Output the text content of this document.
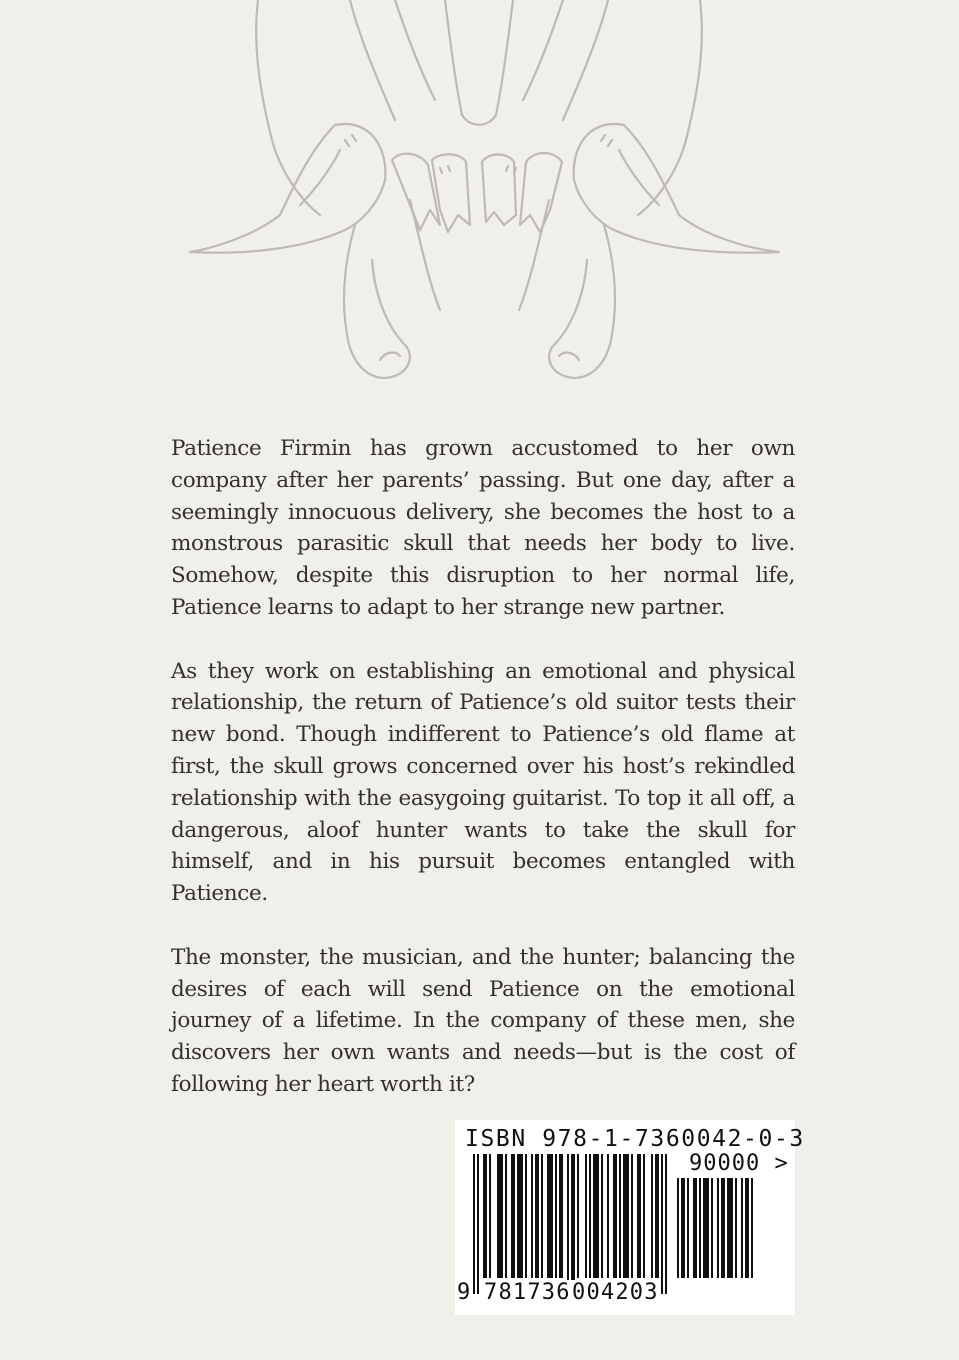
Patience Firmin has grown accustomed to her own company after her parents’ passing. But one day, after a seemingly innocuous delivery, she becomes the host to a monstrous parasitic skull that needs her body to live. Somehow, despite this disruption to her normal life, Patience learns to adapt to her strange new partner.

As they work on establishing an emotional and physical relationship, the return of Patience’s old suitor tests their new bond. Though indifferent to Patience’s old flame at first, the skull grows concerned over his host’s rekindled relationship with the easygoing guitarist. To top it all off, a dangerous, aloof hunter wants to take the skull for himself, and in his pursuit becomes entangled with Patience.

The monster, the musician, and the hunter; balancing the desires of each will send Patience on the emotional journey of a lifetime. In the company of these men, she discovers her own wants and needs—but is the cost of following her heart worth it?

ISBN 978-1-7360042-0-3
90000 >
9 781736 004203
